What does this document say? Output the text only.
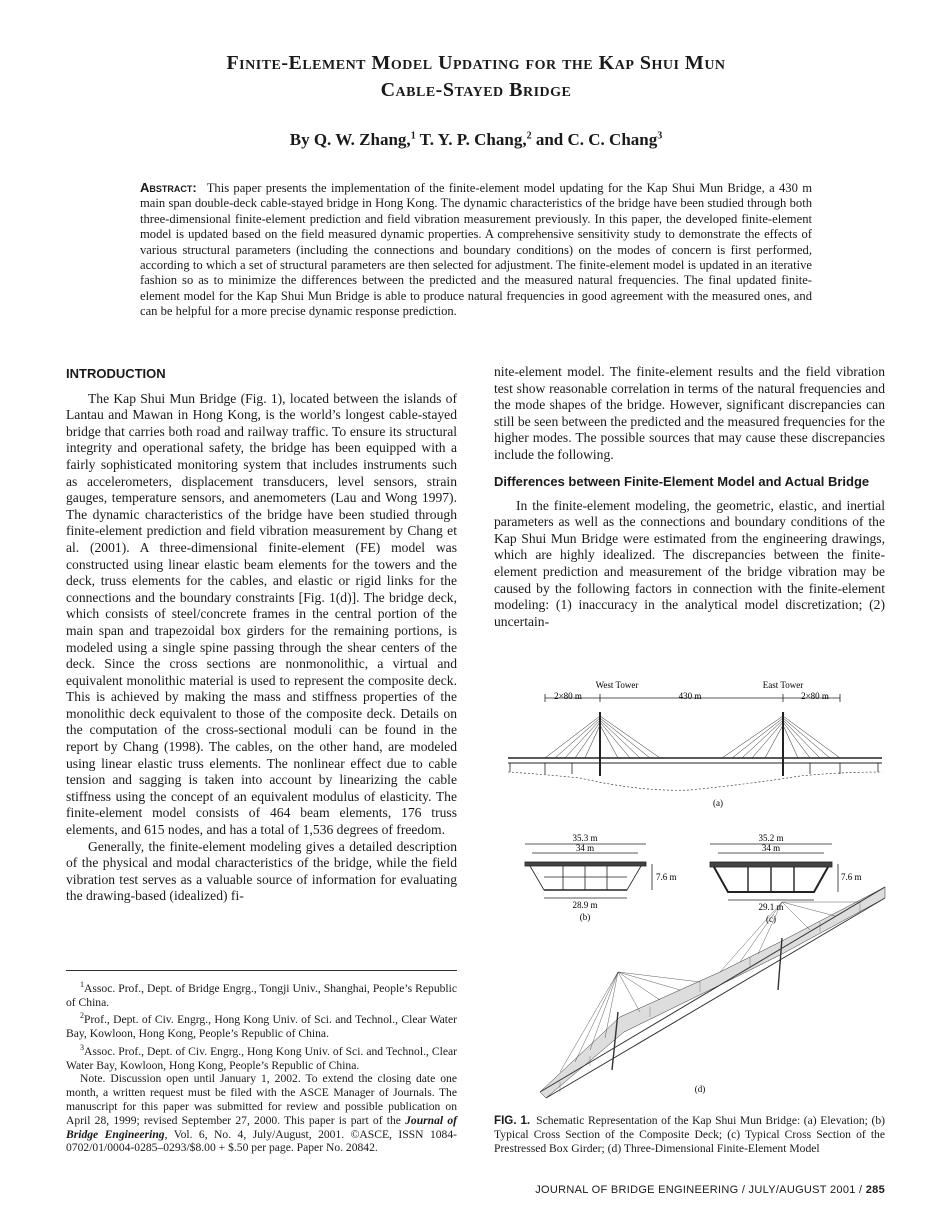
Finite-Element Model Updating for the Kap Shui Mun
Cable-Stayed Bridge
By Q. W. Zhang,$^1$ T. Y. P. Chang,$^2$ and C. C. Chang$^3$
Abstract: This paper presents the implementation of the finite-element model updating for the Kap Shui Mun Bridge, a 430 m main span double-deck cable-stayed bridge in Hong Kong. The dynamic characteristics of the bridge have been studied through both three-dimensional finite-element prediction and field vibration measurement previously. In this paper, the developed finite-element model is updated based on the field measured dynamic properties. A comprehensive sensitivity study to demonstrate the effects of various structural parameters (including the connections and boundary conditions) on the modes of concern is first performed, according to which a set of structural parameters are then selected for adjustment. The finite-element model is updated in an iterative fashion so as to minimize the differences between the predicted and the measured natural frequencies. The final updated finite-element model for the Kap Shui Mun Bridge is able to produce natural frequencies in good agreement with the measured ones, and can be helpful for a more precise dynamic response prediction.
INTRODUCTION

The Kap Shui Mun Bridge (Fig. 1), located between the islands of Lantau and Mawan in Hong Kong, is the world’s longest cable-stayed bridge that carries both road and railway traffic. To ensure its structural integrity and operational safety, the bridge has been equipped with a fairly sophisticated monitoring system that includes instruments such as accelerometers, displacement transducers, level sensors, strain gauges, temperature sensors, and anemometers (Lau and Wong 1997). The dynamic characteristics of the bridge have been studied through finite-element prediction and field vibration measurement by Chang et al. (2001). A three-dimensional finite-element (FE) model was constructed using linear elastic beam elements for the towers and the deck, truss elements for the cables, and elastic or rigid links for the connections and the boundary constraints [Fig. 1(d)]. The bridge deck, which consists of steel/concrete frames in the central portion of the main span and trapezoidal box girders for the remaining portions, is modeled using a single spine passing through the shear centers of the deck. Since the cross sections are nonmonolithic, a virtual and equivalent monolithic material is used to represent the composite deck. This is achieved by making the mass and stiffness properties of the monolithic deck equivalent to those of the composite deck. Details on the computation of the cross-sectional moduli can be found in the report by Chang (1998). The cables, on the other hand, are modeled using linear elastic truss elements. The nonlinear effect due to cable tension and sagging is taken into account by linearizing the cable stiffness using the concept of an equivalent modulus of elasticity. The finite-element model consists of 464 beam elements, 176 truss elements, and 615 nodes, and has a total of 1,536 degrees of freedom.

Generally, the finite-element modeling gives a detailed description of the physical and modal characteristics of the bridge, while the field vibration test serves as a valuable source of information for evaluating the drawing-based (idealized) fi-

$^1$Assoc. Prof., Dept. of Bridge Engrg., Tongji Univ., Shanghai, People’s Republic of China.

$^2$Prof., Dept. of Civ. Engrg., Hong Kong Univ. of Sci. and Technol., Clear Water Bay, Kowloon, Hong Kong, People’s Republic of China.

$^3$Assoc. Prof., Dept. of Civ. Engrg., Hong Kong Univ. of Sci. and Technol., Clear Water Bay, Kowloon, Hong Kong, People’s Republic of China.

Note. Discussion open until January 1, 2002. To extend the closing date one month, a written request must be filed with the ASCE Manager of Journals. The manuscript for this paper was submitted for review and possible publication on April 28, 1999; revised September 27, 2000. This paper is part of the Journal of Bridge Engineering, Vol. 6, No. 4, July/August, 2001. ©ASCE, ISSN 1084-0702/01/0004-0285–0293/$8.00 + $.50 per page. Paper No. 20842.

nite-element model. The finite-element results and the field vibration test show reasonable correlation in terms of the natural frequencies and the mode shapes of the bridge. However, significant discrepancies can still be seen between the predicted and the measured frequencies for the higher modes. The possible sources that may cause these discrepancies include the following.

Differences between Finite-Element Model and Actual Bridge

In the finite-element modeling, the geometric, elastic, and inertial parameters as well as the connections and boundary conditions of the Kap Shui Mun Bridge were estimated from the engineering drawings, which are highly idealized. The discrepancies between the finite-element prediction and measurement of the bridge vibration may be caused by the following factors in connection with the finite-element modeling: (1) inaccuracy in the analytical model discretization; (2) uncertain-

West Tower	East Tower
2×80 m	430 m	2×80 m
(a)
35.3 m
34 m
7.6 m
28.9 m
(b)
35.2 m
34 m
7.6 m
29.1 m
(c)
(d)
FIG. 1. Schematic Representation of the Kap Shui Mun Bridge: (a) Elevation; (b) Typical Cross Section of the Composite Deck; (c) Typical Cross Section of the Prestressed Box Girder; (d) Three-Dimensional Finite-Element Model
JOURNAL OF BRIDGE ENGINEERING / JULY/AUGUST 2001 / 285
